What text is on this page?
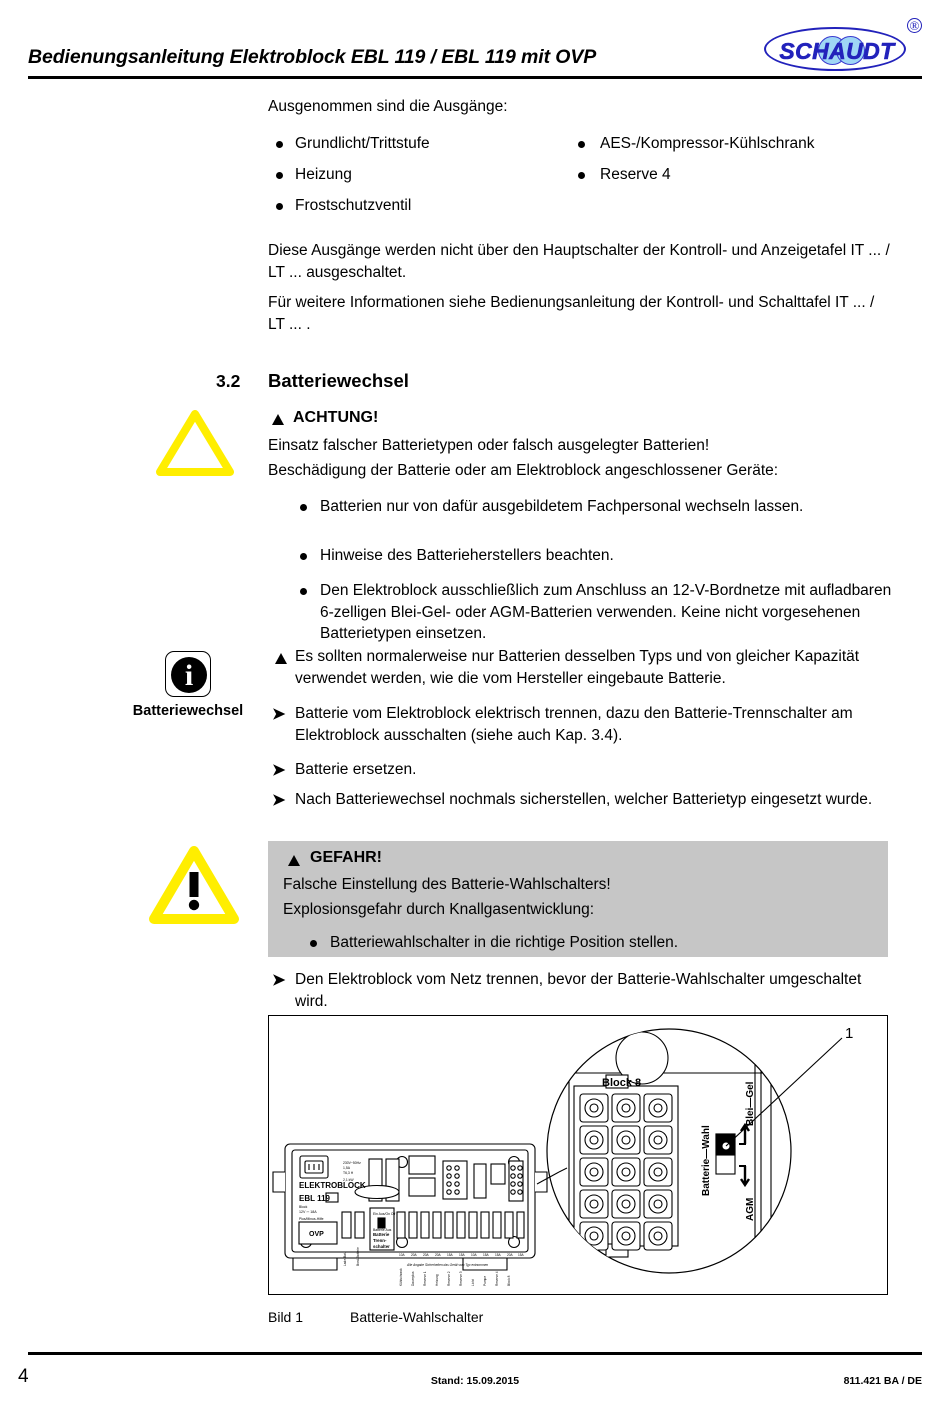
Bedienungsanleitung Elektroblock EBL 119 / EBL 119 mit OVP	SCHAUDT
®
Ausgenommen sind die Ausgänge:
Grundlicht/Trittstufe
Heizung
Frostschutzventil
AES-/Kompressor-Kühlschrank
Reserve 4
Diese Ausgänge werden nicht über den Hauptschalter der Kontroll- und Anzeigetafel IT ... / LT ... ausgeschaltet.
Für weitere Informationen siehe Bedienungsanleitung der Kontroll- und Schalttafel IT ... / LT ... .
3.2 Batteriewechsel
ACHTUNG!
Einsatz falscher Batterietypen oder falsch ausgelegter Batterien!
Beschädigung der Batterie oder am Elektroblock angeschlossener Geräte:
Batterien nur von dafür ausgebildetem Fachpersonal wechseln lassen.
Hinweise des Batterieherstellers beachten.
Den Elektroblock ausschließlich zum Anschluss an 12-V-Bordnetze mit aufladbaren 6-zelligen Blei-Gel- oder AGM-Batterien verwenden. Keine nicht vorgesehenen Batterietypen einsetzen.
i
Batteriewechsel
Es sollten normalerweise nur Batterien desselben Typs und von gleicher Kapazität verwendet werden, wie die vom Hersteller eingebaute Batterie.
➤ Batterie vom Elektroblock elektrisch trennen, dazu den Batterie-Trennschalter am Elektroblock ausschalten (siehe auch Kap. 3.4).
➤ Batterie ersetzen.
➤ Nach Batteriewechsel nochmals sicherstellen, welcher Batterietyp eingesetzt wurde.
GEFAHR!
Falsche Einstellung des Batterie-Wahlschalters!
Explosionsgefahr durch Knallgasentwicklung:
Batteriewahlschalter in die richtige Position stellen.
➤ Den Elektroblock vom Netz trennen, bevor der Batterie-Wahlschalter umgeschaltet wird.
ELEKTROBLOCK
EBL 119
OVP	Batterie
Trenn-
schalter
Ein Aus/On Off
Batterie Aus
230V~50Hz
1,5A
T6,3 H
2,1 kW
Block
12V ⎓ 18A
Plus/Minus-Hilfe
10A 20A 20A 20A 15A 15A 10A 15A 15A 20A 15A
Kühlschrank	Dauerplus	Reserve 1	Heizung	Reserve 2	Reserve 3	Licht	Pumpe	Reserve 4	Block 8
Lade-Bat.	Bord-Batterie	Alle Angabe Sicherheiten das Gerät vom Typ entnommen
Block 8
Batterie—Wahl
Blei—Gel
AGM
1
Bild 1	Batterie-Wahlschalter
4	Stand: 15.09.2015	811.421 BA / DE
